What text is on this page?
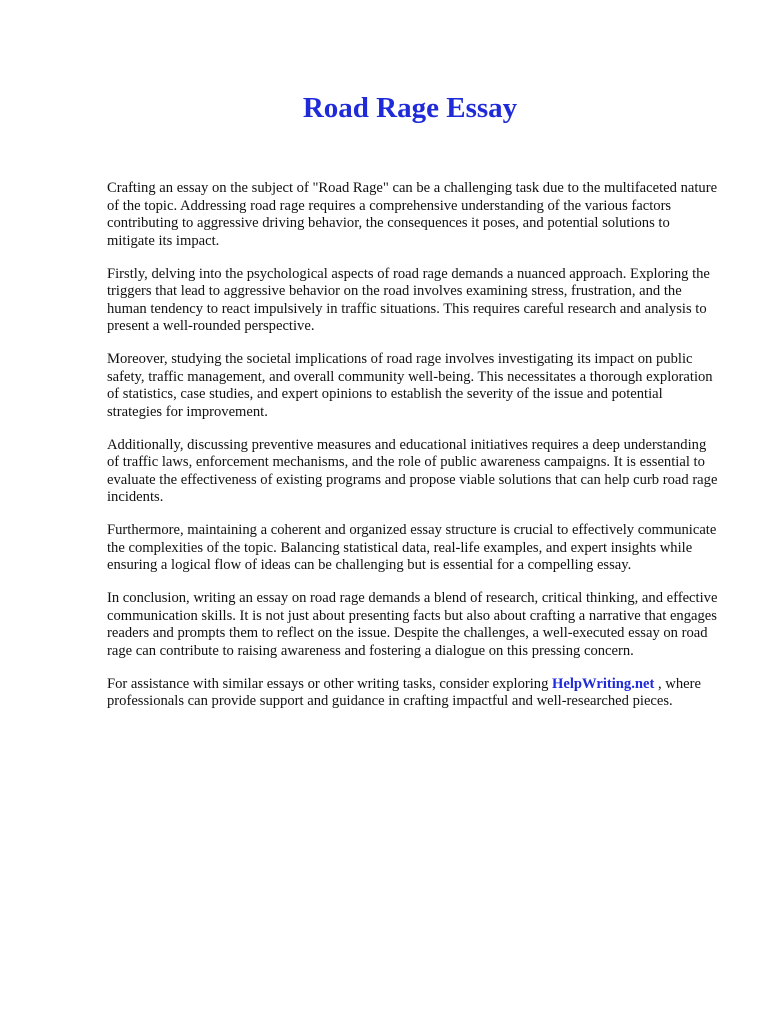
Road Rage Essay

Crafting an essay on the subject of "Road Rage" can be a challenging task due to the multifaceted nature of the topic. Addressing road rage requires a comprehensive understanding of the various factors contributing to aggressive driving behavior, the consequences it poses, and potential solutions to mitigate its impact.

Firstly, delving into the psychological aspects of road rage demands a nuanced approach. Exploring the triggers that lead to aggressive behavior on the road involves examining stress, frustration, and the human tendency to react impulsively in traffic situations. This requires careful research and analysis to present a well-rounded perspective.

Moreover, studying the societal implications of road rage involves investigating its impact on public safety, traffic management, and overall community well-being. This necessitates a thorough exploration of statistics, case studies, and expert opinions to establish the severity of the issue and potential strategies for improvement.

Additionally, discussing preventive measures and educational initiatives requires a deep understanding of traffic laws, enforcement mechanisms, and the role of public awareness campaigns. It is essential to evaluate the effectiveness of existing programs and propose viable solutions that can help curb road rage incidents.

Furthermore, maintaining a coherent and organized essay structure is crucial to effectively communicate the complexities of the topic. Balancing statistical data, real-life examples, and expert insights while ensuring a logical flow of ideas can be challenging but is essential for a compelling essay.

In conclusion, writing an essay on road rage demands a blend of research, critical thinking, and effective communication skills. It is not just about presenting facts but also about crafting a narrative that engages readers and prompts them to reflect on the issue. Despite the challenges, a well-executed essay on road rage can contribute to raising awareness and fostering a dialogue on this pressing concern.

For assistance with similar essays or other writing tasks, consider exploring HelpWriting.net , where professionals can provide support and guidance in crafting impactful and well-researched pieces.
